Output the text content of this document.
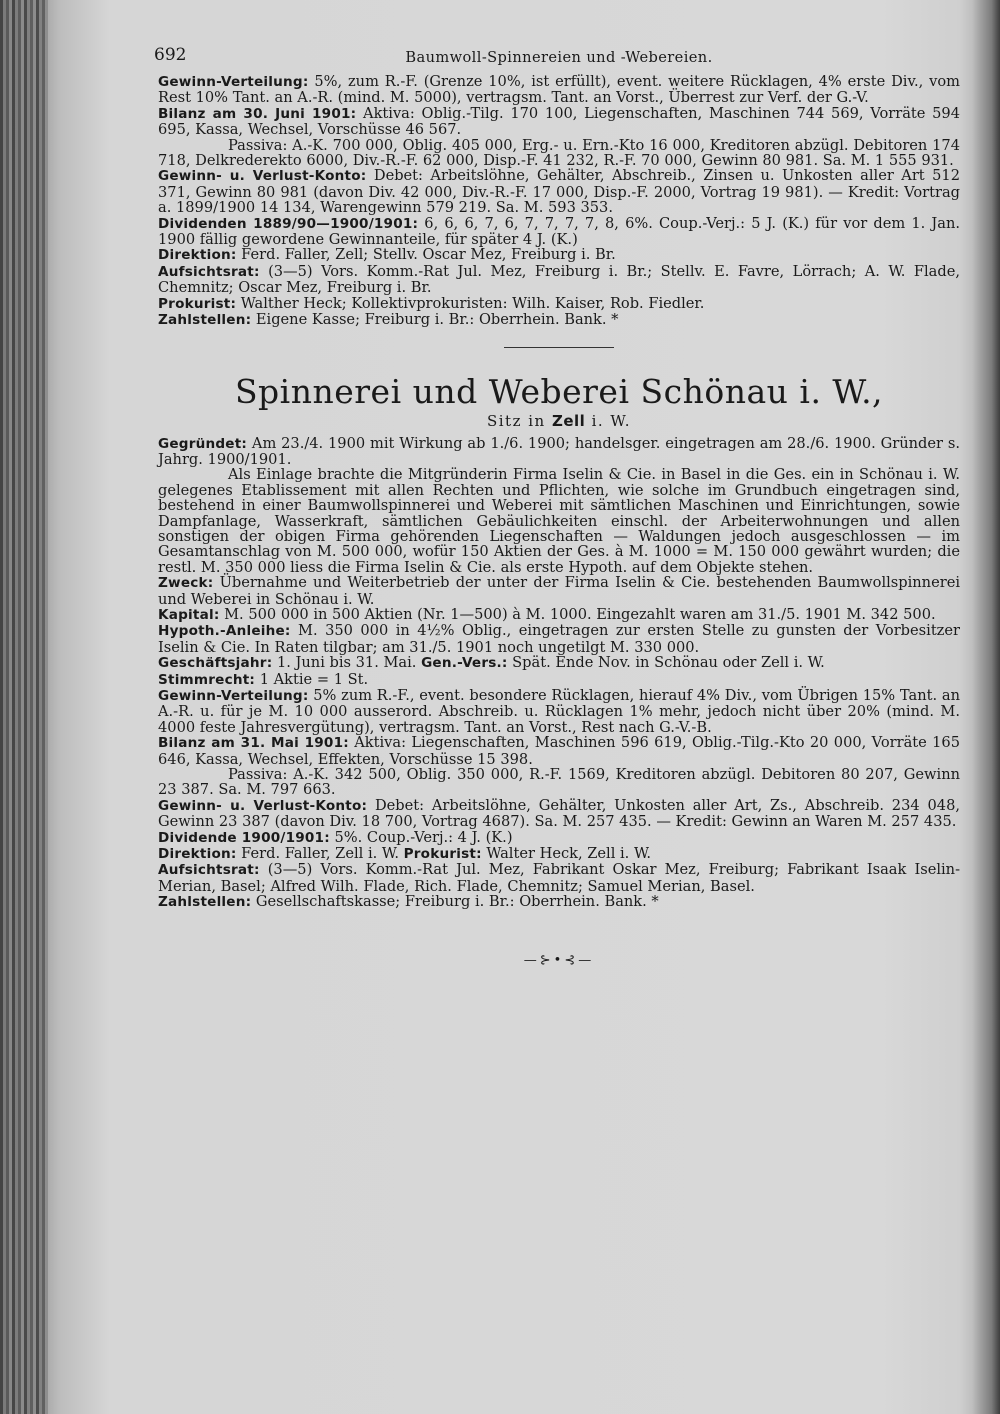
692	Baumwoll-Spinnereien und -Webereien.

Gewinn-Verteilung: 5%, zum R.-F. (Grenze 10%, ist erfüllt), event. weitere Rücklagen, 4% erste Div., vom Rest 10% Tant. an A.-R. (mind. M. 5000), vertragsm. Tant. an Vorst., Überrest zur Verf. der G.-V.

Bilanz am 30. Juni 1901: Aktiva: Oblig.-Tilg. 170 100, Liegenschaften, Maschinen 744 569, Vorräte 594 695, Kassa, Wechsel, Vorschüsse 46 567.

Passiva: A.-K. 700 000, Oblig. 405 000, Erg.- u. Ern.-Kto 16 000, Kreditoren abzügl. Debitoren 174 718, Delkrederekto 6000, Div.-R.-F. 62 000, Disp.-F. 41 232, R.-F. 70 000, Gewinn 80 981. Sa. M. 1 555 931.

Gewinn- u. Verlust-Konto: Debet: Arbeitslöhne, Gehälter, Abschreib., Zinsen u. Unkosten aller Art 512 371, Gewinn 80 981 (davon Div. 42 000, Div.-R.-F. 17 000, Disp.-F. 2000, Vortrag 19 981). — Kredit: Vortrag a. 1899/1900 14 134, Warengewinn 579 219. Sa. M. 593 353.

Dividenden 1889/90—1900/1901: 6, 6, 6, 7, 6, 7, 7, 7, 7, 8, 6%. Coup.-Verj.: 5 J. (K.) für vor dem 1. Jan. 1900 fällig gewordene Gewinnanteile, für später 4 J. (K.)

Direktion: Ferd. Faller, Zell; Stellv. Oscar Mez, Freiburg i. Br.

Aufsichtsrat: (3—5) Vors. Komm.-Rat Jul. Mez, Freiburg i. Br.; Stellv. E. Favre, Lörrach; A. W. Flade, Chemnitz; Oscar Mez, Freiburg i. Br.

Prokurist: Walther Heck; Kollektivprokuristen: Wilh. Kaiser, Rob. Fiedler.

Zahlstellen: Eigene Kasse; Freiburg i. Br.: Oberrhein. Bank. *

Spinnerei und Weberei Schönau i. W.,
Sitz in Zell i. W.

Gegründet: Am 23./4. 1900 mit Wirkung ab 1./6. 1900; handelsger. eingetragen am 28./6. 1900. Gründer s. Jahrg. 1900/1901.

Als Einlage brachte die Mitgründerin Firma Iselin & Cie. in Basel in die Ges. ein in Schönau i. W. gelegenes Etablissement mit allen Rechten und Pflichten, wie solche im Grundbuch eingetragen sind, bestehend in einer Baumwollspinnerei und Weberei mit sämtlichen Maschinen und Einrichtungen, sowie Dampfanlage, Wasserkraft, sämtlichen Gebäulichkeiten einschl. der Arbeiterwohnungen und allen sonstigen der obigen Firma gehörenden Liegenschaften — Waldungen jedoch ausgeschlossen — im Gesamtanschlag von M. 500 000, wofür 150 Aktien der Ges. à M. 1000 = M. 150 000 gewährt wurden; die restl. M. 350 000 liess die Firma Iselin & Cie. als erste Hypoth. auf dem Objekte stehen.

Zweck: Übernahme und Weiterbetrieb der unter der Firma Iselin & Cie. bestehenden Baumwollspinnerei und Weberei in Schönau i. W.

Kapital: M. 500 000 in 500 Aktien (Nr. 1—500) à M. 1000. Eingezahlt waren am 31./5. 1901 M. 342 500.

Hypoth.-Anleihe: M. 350 000 in 4½% Oblig., eingetragen zur ersten Stelle zu gunsten der Vorbesitzer Iselin & Cie. In Raten tilgbar; am 31./5. 1901 noch ungetilgt M. 330 000.

Geschäftsjahr: 1. Juni bis 31. Mai. Gen.-Vers.: Spät. Ende Nov. in Schönau oder Zell i. W.

Stimmrecht: 1 Aktie = 1 St.

Gewinn-Verteilung: 5% zum R.-F., event. besondere Rücklagen, hierauf 4% Div., vom Übrigen 15% Tant. an A.-R. u. für je M. 10 000 ausserord. Abschreib. u. Rücklagen 1% mehr, jedoch nicht über 20% (mind. M. 4000 feste Jahresvergütung), vertragsm. Tant. an Vorst., Rest nach G.-V.-B.

Bilanz am 31. Mai 1901: Aktiva: Liegenschaften, Maschinen 596 619, Oblig.-Tilg.-Kto 20 000, Vorräte 165 646, Kassa, Wechsel, Effekten, Vorschüsse 15 398.

Passiva: A.-K. 342 500, Oblig. 350 000, R.-F. 1569, Kreditoren abzügl. Debitoren 80 207, Gewinn 23 387. Sa. M. 797 663.

Gewinn- u. Verlust-Konto: Debet: Arbeitslöhne, Gehälter, Unkosten aller Art, Zs., Abschreib. 234 048, Gewinn 23 387 (davon Div. 18 700, Vortrag 4687). Sa. M. 257 435. — Kredit: Gewinn an Waren M. 257 435.

Dividende 1900/1901: 5%. Coup.-Verj.: 4 J. (K.)

Direktion: Ferd. Faller, Zell i. W. Prokurist: Walter Heck, Zell i. W.

Aufsichtsrat: (3—5) Vors. Komm.-Rat Jul. Mez, Fabrikant Oskar Mez, Freiburg; Fabrikant Isaak Iselin-Merian, Basel; Alfred Wilh. Flade, Rich. Flade, Chemnitz; Samuel Merian, Basel.

Zahlstellen: Gesellschaftskasse; Freiburg i. Br.: Oberrhein. Bank. *

—⊱•⊰—
